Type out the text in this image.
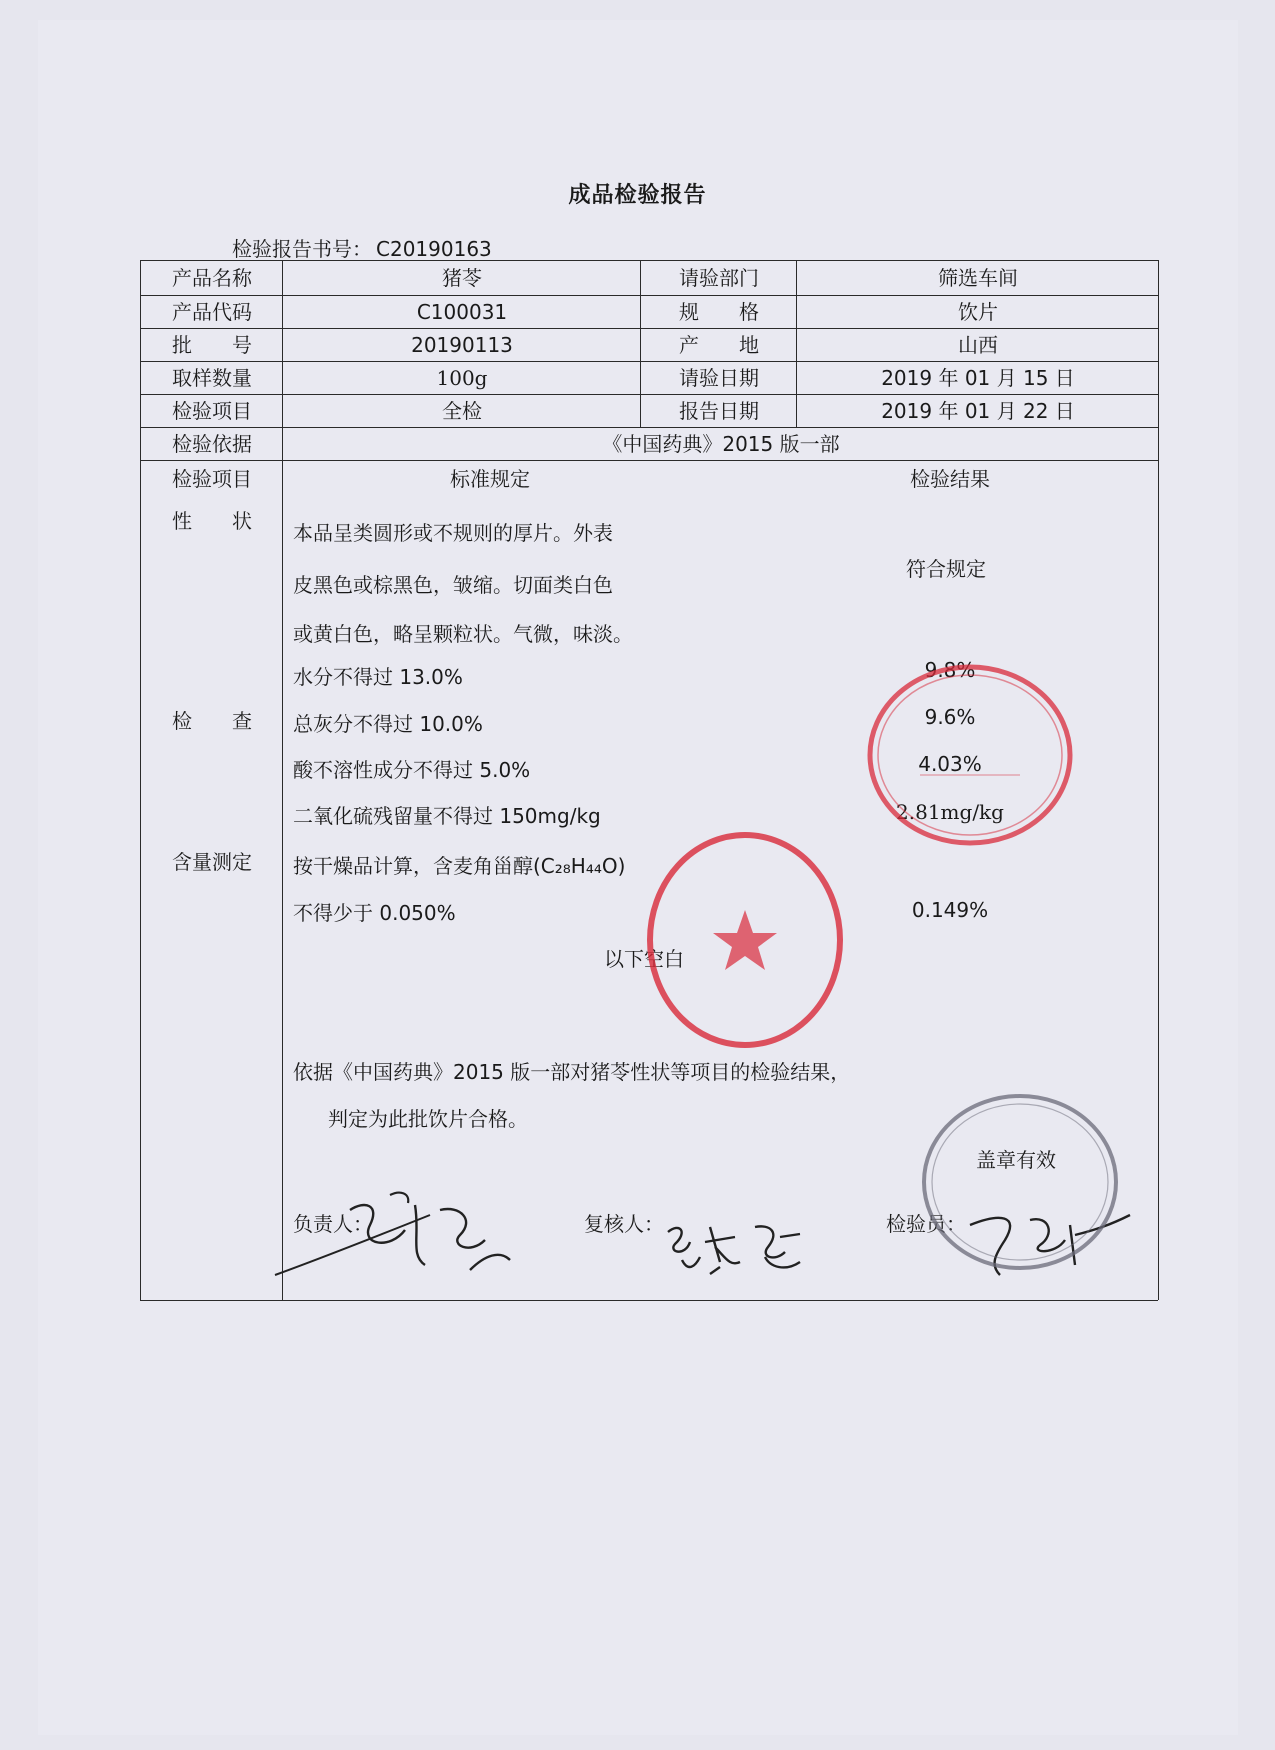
成品检验报告
检验报告书号： C20190163
产品名称	猪苓	请验部门	筛选车间
产品代码	C100031	规　　格	饮片
批　　号	20190113	产　　地	山西
取样数量	100g	请验日期	2019 年 01 月 15 日
检验项目	全检	报告日期	2019 年 01 月 22 日
检验依据	《中国药典》2015 版一部
检验项目	标准规定	检验结果
性　　状	本品呈类圆形或不规则的厚片。外表
皮黑色或棕黑色，皱缩。切面类白色
或黄白色，略呈颗粒状。气微，味淡。
符合规定
检　　查
水分不得过 13.0%	9.8%
总灰分不得过 10.0%	9.6%
酸不溶性成分不得过 5.0%	4.03%
二氧化硫残留量不得过 150mg/kg	2.81mg/kg
含量测定	按干燥品计算，含麦角甾醇(C₂₈H₄₄O)
不得少于 0.050%	0.149%
以下空白
依据《中国药典》2015 版一部对猪苓性状等项目的检验结果，
判定为此批饮片合格。
盖章有效
负责人：	复核人：	检验员：
